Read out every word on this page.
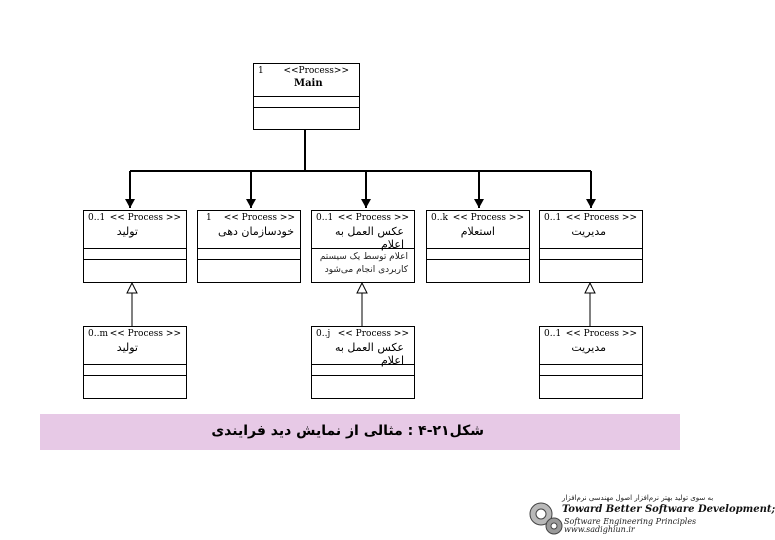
1 <<Process>>
Main
0..1 << Process >>
تولید
1 << Process >>
خودسازمان دهی
0..1 << Process >>
عکس العمل به اعلام
اعلام توسط یک سیستم
کاربردی انجام می‌شود
0..k << Process >>
استعلام
0..1 << Process >>
مدیریت
0..m << Process >>
تولید
0..j << Process >>
عکس العمل به اعلام
0..1 << Process >>
مدیریت
شکل۲۱-۴ : مثالی از نمایش دید فرایندی
به سوی تولید بهتر نرم‌افزار اصول مهندسی نرم‌افزار
Toward Better Software Development;
Software Engineering Principles
www.sadighiun.ir
